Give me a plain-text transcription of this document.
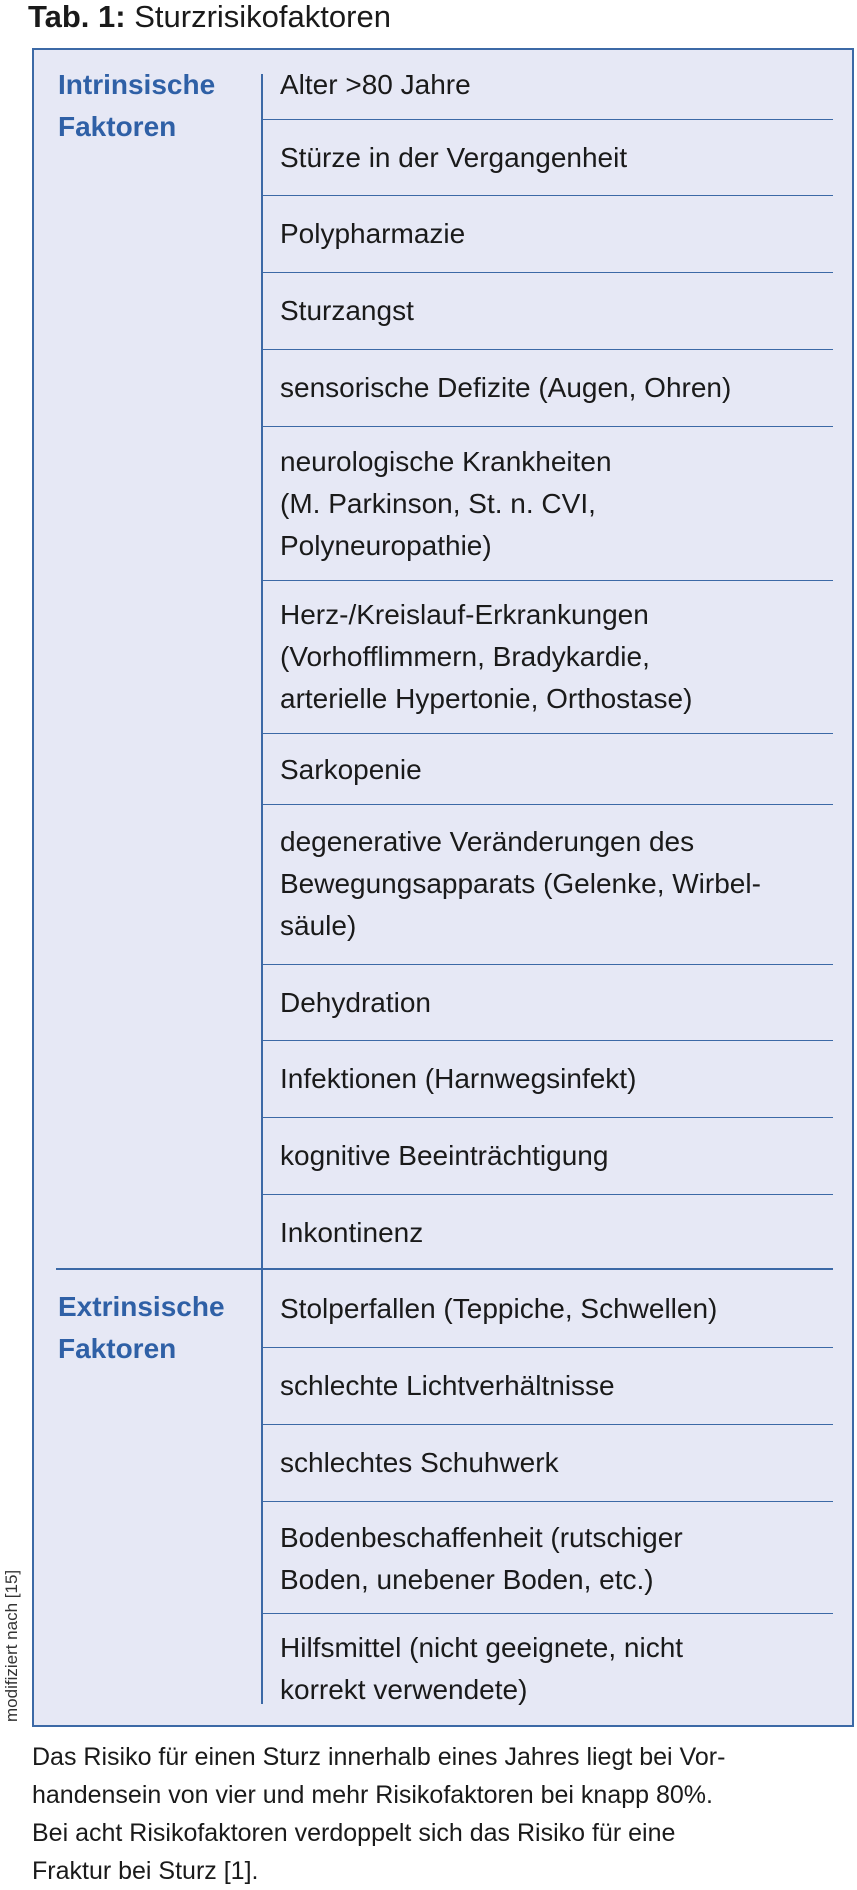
Tab. 1: Sturzrisikofaktoren
modifiziert nach [15]
Intrinsische
Faktoren
Extrinsische
Faktoren
Alter >80 Jahre
Stürze in der Vergangenheit
Polypharmazie
Sturzangst
sensorische Defizite (Augen, Ohren)
neurologische Krankheiten
(M. Parkinson, St. n. CVI,
Polyneuropathie)
Herz-/Kreislauf-Erkrankungen
(Vorhofflimmern, Bradykardie,
arterielle Hypertonie, Orthostase)
Sarkopenie
degenerative Veränderungen des
Bewegungsapparats (Gelenke, Wirbel-
säule)
Dehydration
Infektionen (Harnwegsinfekt)
kognitive Beeinträchtigung
Inkontinenz
Stolperfallen (Teppiche, Schwellen)
schlechte Lichtverhältnisse
schlechtes Schuhwerk
Bodenbeschaffenheit (rutschiger
Boden, unebener Boden, etc.)
Hilfsmittel (nicht geeignete, nicht
korrekt verwendete)
Das Risiko für einen Sturz innerhalb eines Jahres liegt bei Vor-
handensein von vier und mehr Risikofaktoren bei knapp 80%.
Bei acht Risikofaktoren verdoppelt sich das Risiko für eine
Fraktur bei Sturz [1].
